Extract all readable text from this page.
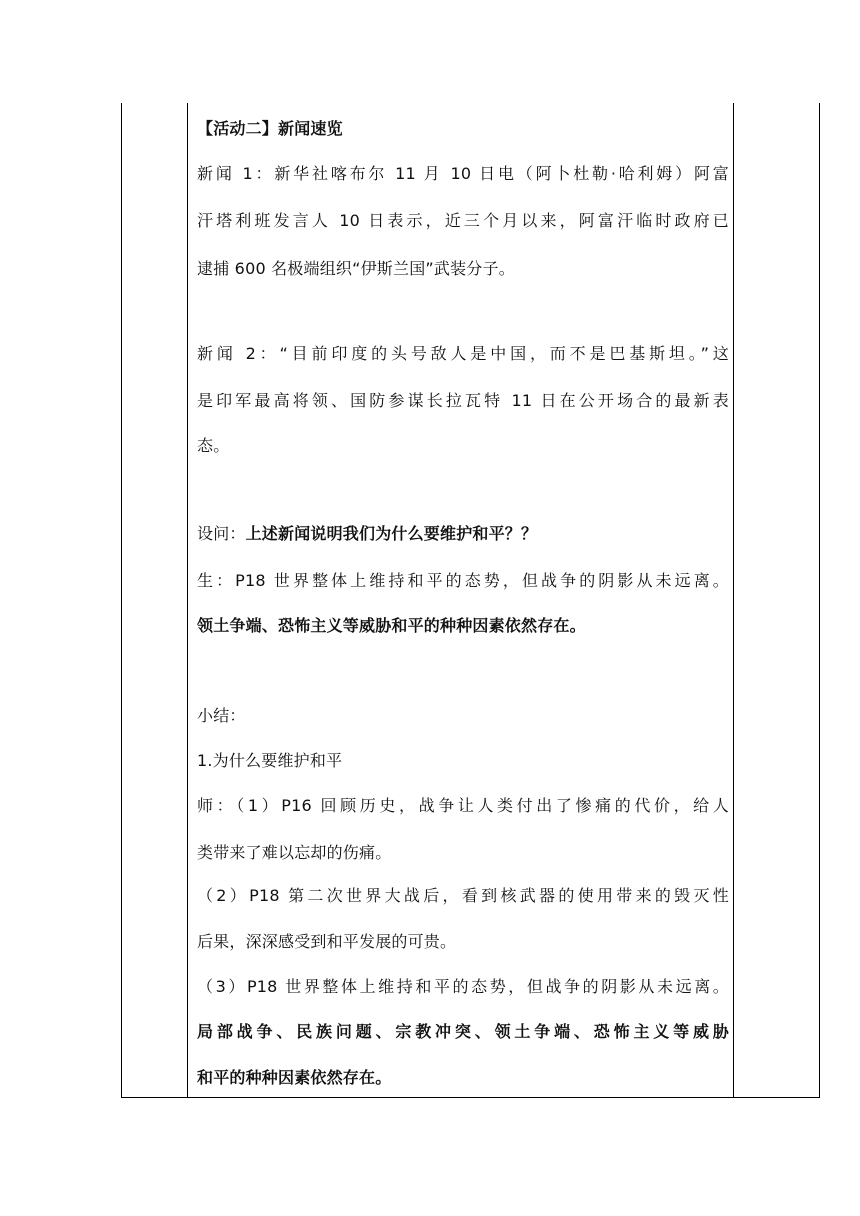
【活动二】新闻速览
新闻 1：新华社喀布尔 11 月 10 日电（阿卜杜勒·哈利姆）阿富
汗塔利班发言人 10 日表示，近三个月以来，阿富汗临时政府已
逮捕 600 名极端组织“伊斯兰国”武装分子。
新闻 2：“目前印度的头号敌人是中国，而不是巴基斯坦。”这
是印军最高将领、国防参谋长拉瓦特 11 日在公开场合的最新表
态。
设问：上述新闻说明我们为什么要维护和平？？
生：P18 世界整体上维持和平的态势，但战争的阴影从未远离。
领土争端、恐怖主义等威胁和平的种种因素依然存在。
小结：
1.为什么要维护和平
师：（1）P16 回顾历史，战争让人类付出了惨痛的代价，给人
类带来了难以忘却的伤痛。
（2）P18 第二次世界大战后，看到核武器的使用带来的毁灭性
后果，深深感受到和平发展的可贵。
（3）P18 世界整体上维持和平的态势，但战争的阴影从未远离。
局部战争、民族问题、宗教冲突、领土争端、恐怖主义等威胁
和平的种种因素依然存在。
